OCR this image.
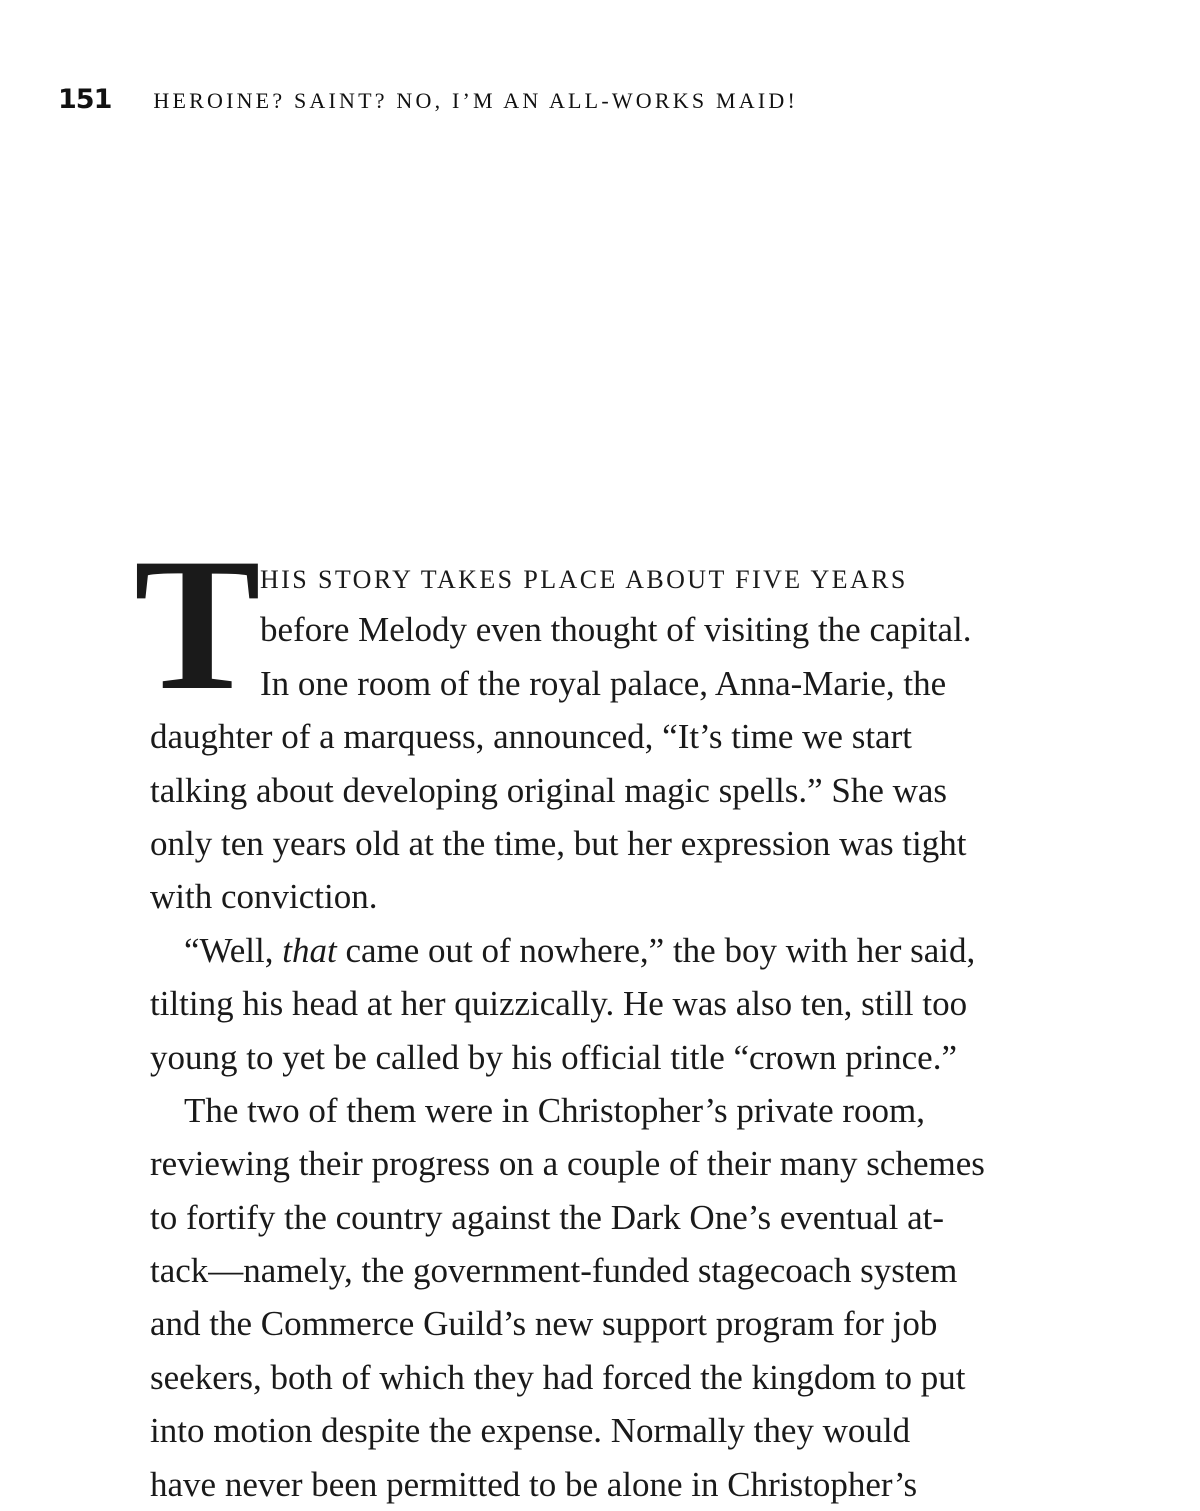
151 HEROINE? SAINT? NO, I’M AN ALL-WORKS MAID!
T HIS STORY TAKES PLACE ABOUT FIVE YEARS
before Melody even thought of visiting the capital.
In one room of the royal palace, Anna-Marie, the
daughter of a marquess, announced, “It’s time we start
talking about developing original magic spells.” She was
only ten years old at the time, but her expression was tight
with conviction.
“Well, that came out of nowhere,” the boy with her said,
tilting his head at her quizzically. He was also ten, still too
young to yet be called by his official title “crown prince.”
The two of them were in Christopher’s private room,
reviewing their progress on a couple of their many schemes
to fortify the country against the Dark One’s eventual at-
tack—namely, the government-funded stagecoach system
and the Commerce Guild’s new support program for job
seekers, both of which they had forced the kingdom to put
into motion despite the expense. Normally they would
have never been permitted to be alone in Christopher’s
